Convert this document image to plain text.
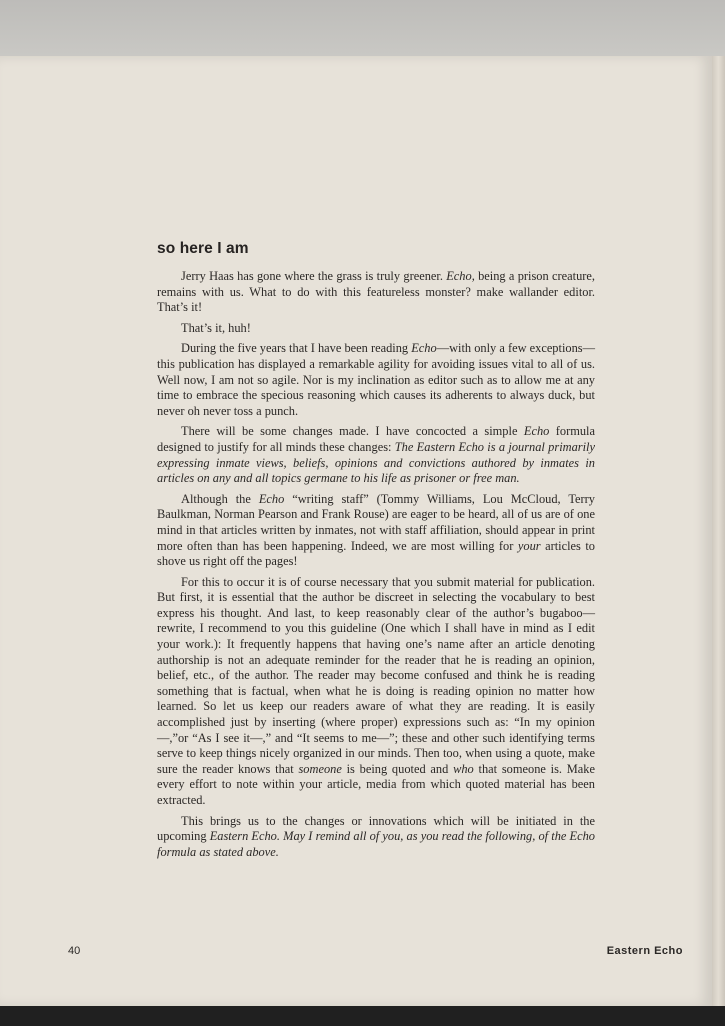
so here I am

Jerry Haas has gone where the grass is truly greener. Echo, being a prison creature, remains with us. What to do with this featureless monster? make wallander editor. That’s it!

That’s it, huh!

During the five years that I have been reading Echo—with only a few exceptions—this publication has displayed a remarkable agility for avoiding issues vital to all of us. Well now, I am not so agile. Nor is my inclination as editor such as to allow me at any time to embrace the specious reasoning which causes its adherents to always duck, but never oh never toss a punch.

There will be some changes made. I have concocted a simple Echo formula designed to justify for all minds these changes: The Eastern Echo is a journal primarily expressing inmate views, beliefs, opinions and convictions authored by inmates in articles on any and all topics germane to his life as prisoner or free man.

Although the Echo “writing staff” (Tommy Williams, Lou McCloud, Terry Baulkman, Norman Pearson and Frank Rouse) are eager to be heard, all of us are of one mind in that articles written by inmates, not with staff affiliation, should appear in print more often than has been happening. Indeed, we are most willing for your articles to shove us right off the pages!

For this to occur it is of course necessary that you submit material for publication. But first, it is essential that the author be discreet in selecting the vocabulary to best express his thought. And last, to keep reasonably clear of the author’s bugaboo—rewrite, I recommend to you this guideline (One which I shall have in mind as I edit your work.): It frequently happens that having one’s name after an article denoting authorship is not an adequate reminder for the reader that he is reading an opinion, belief, etc., of the author. The reader may become confused and think he is reading something that is factual, when what he is doing is reading opinion no matter how learned. So let us keep our readers aware of what they are reading. It is easily accomplished just by inserting (where proper) expressions such as: “In my opinion—,”or “As I see it—,” and “It seems to me—”; these and other such identifying terms serve to keep things nicely organized in our minds. Then too, when using a quote, make sure the reader knows that someone is being quoted and who that someone is. Make every effort to note within your article, media from which quoted material has been extracted.

This brings us to the changes or innovations which will be initiated in the upcoming Eastern Echo. May I remind all of you, as you read the following, of the Echo formula as stated above.

40	Eastern Echo
